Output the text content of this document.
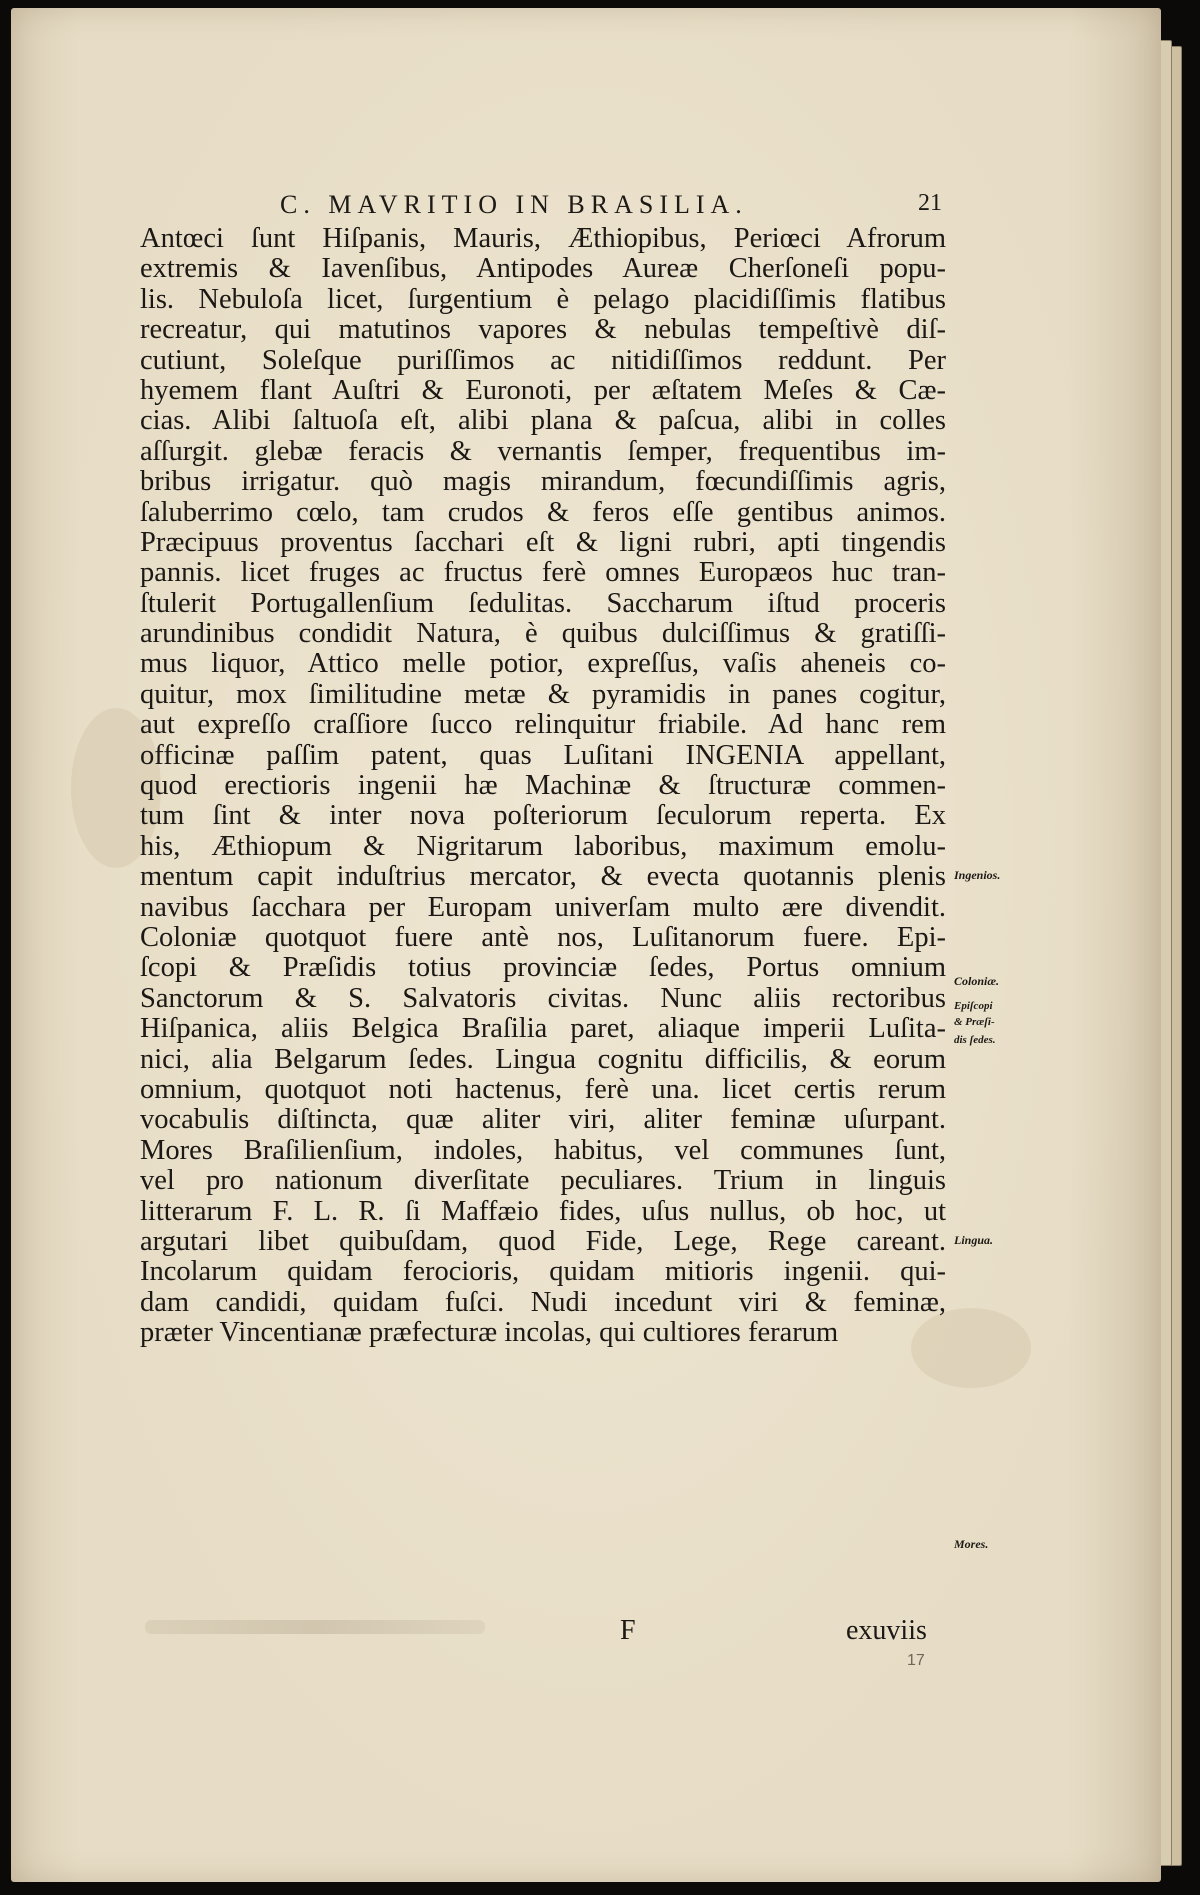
C. MAVRITIO IN BRASILIA.	21
Antœci ſunt Hiſpanis, Mauris, Æthiopibus, Periœci Afrorum
extremis & Iavenſibus, Antipodes Aureæ Cherſoneſi popu-
lis. Nebuloſa licet, ſurgentium è pelago placidiſſimis flatibus
recreatur, qui matutinos vapores & nebulas tempeſtivè diſ-
cutiunt, Soleſque puriſſimos ac nitidiſſimos reddunt. Per
hyemem flant Auſtri & Euronoti, per æſtatem Meſes & Cæ-
cias. Alibi ſaltuoſa eſt, alibi plana & paſcua, alibi in colles
aſſurgit. glebæ feracis & vernantis ſemper, frequentibus im-
bribus irrigatur. quò magis mirandum, fœcundiſſimis agris,
ſaluberrimo cœlo, tam crudos & feros eſſe gentibus animos.
Præcipuus proventus ſacchari eſt & ligni rubri, apti tingendis
pannis. licet fruges ac fructus ferè omnes Europæos huc tran-
ſtulerit Portugallenſium ſedulitas. Saccharum iſtud proceris
arundinibus condidit Natura, è quibus dulciſſimus & gratiſſi-
mus liquor, Attico melle potior, expreſſus, vaſis aheneis co-
quitur, mox ſimilitudine metæ & pyramidis in panes cogitur,
aut expreſſo craſſiore ſucco relinquitur friabile. Ad hanc rem
officinæ paſſim patent, quas Luſitani INGENIA appellant,
quod erectioris ingenii hæ Machinæ & ſtructuræ commen-
tum ſint & inter nova poſteriorum ſeculorum reperta. Ex
his, Æthiopum & Nigritarum laboribus, maximum emolu-
mentum capit induſtrius mercator, & evecta quotannis plenis
navibus ſacchara per Europam univerſam multo ære divendit.
Coloniæ quotquot fuere antè nos, Luſitanorum fuere. Epi-
ſcopi & Præſidis totius provinciæ ſedes, Portus omnium
Sanctorum & S. Salvatoris civitas. Nunc aliis rectoribus
Hiſpanica, aliis Belgica Braſilia paret, aliaque imperii Luſita-
nici, alia Belgarum ſedes. Lingua cognitu difficilis, & eorum
omnium, quotquot noti hactenus, ferè una. licet certis rerum
vocabulis diſtincta, quæ aliter viri, aliter feminæ uſurpant.
Mores Braſilienſium, indoles, habitus, vel communes ſunt,
vel pro nationum diverſitate peculiares. Trium in linguis
litterarum F. L. R. ſi Maffæio fides, uſus nullus, ob hoc, ut
argutari libet quibuſdam, quod Fide, Lege, Rege careant.
Incolarum quidam ferocioris, quidam mitioris ingenii. qui-
dam candidi, quidam fuſci. Nudi incedunt viri & feminæ,
præter Vincentianæ præfecturæ incolas, qui cultiores ferarum
Ingenios.
Coloniæ.
Epiſcopi
& Præſi-
dis ſedes.
Lingua.
Mores.
F	exuviis
17
